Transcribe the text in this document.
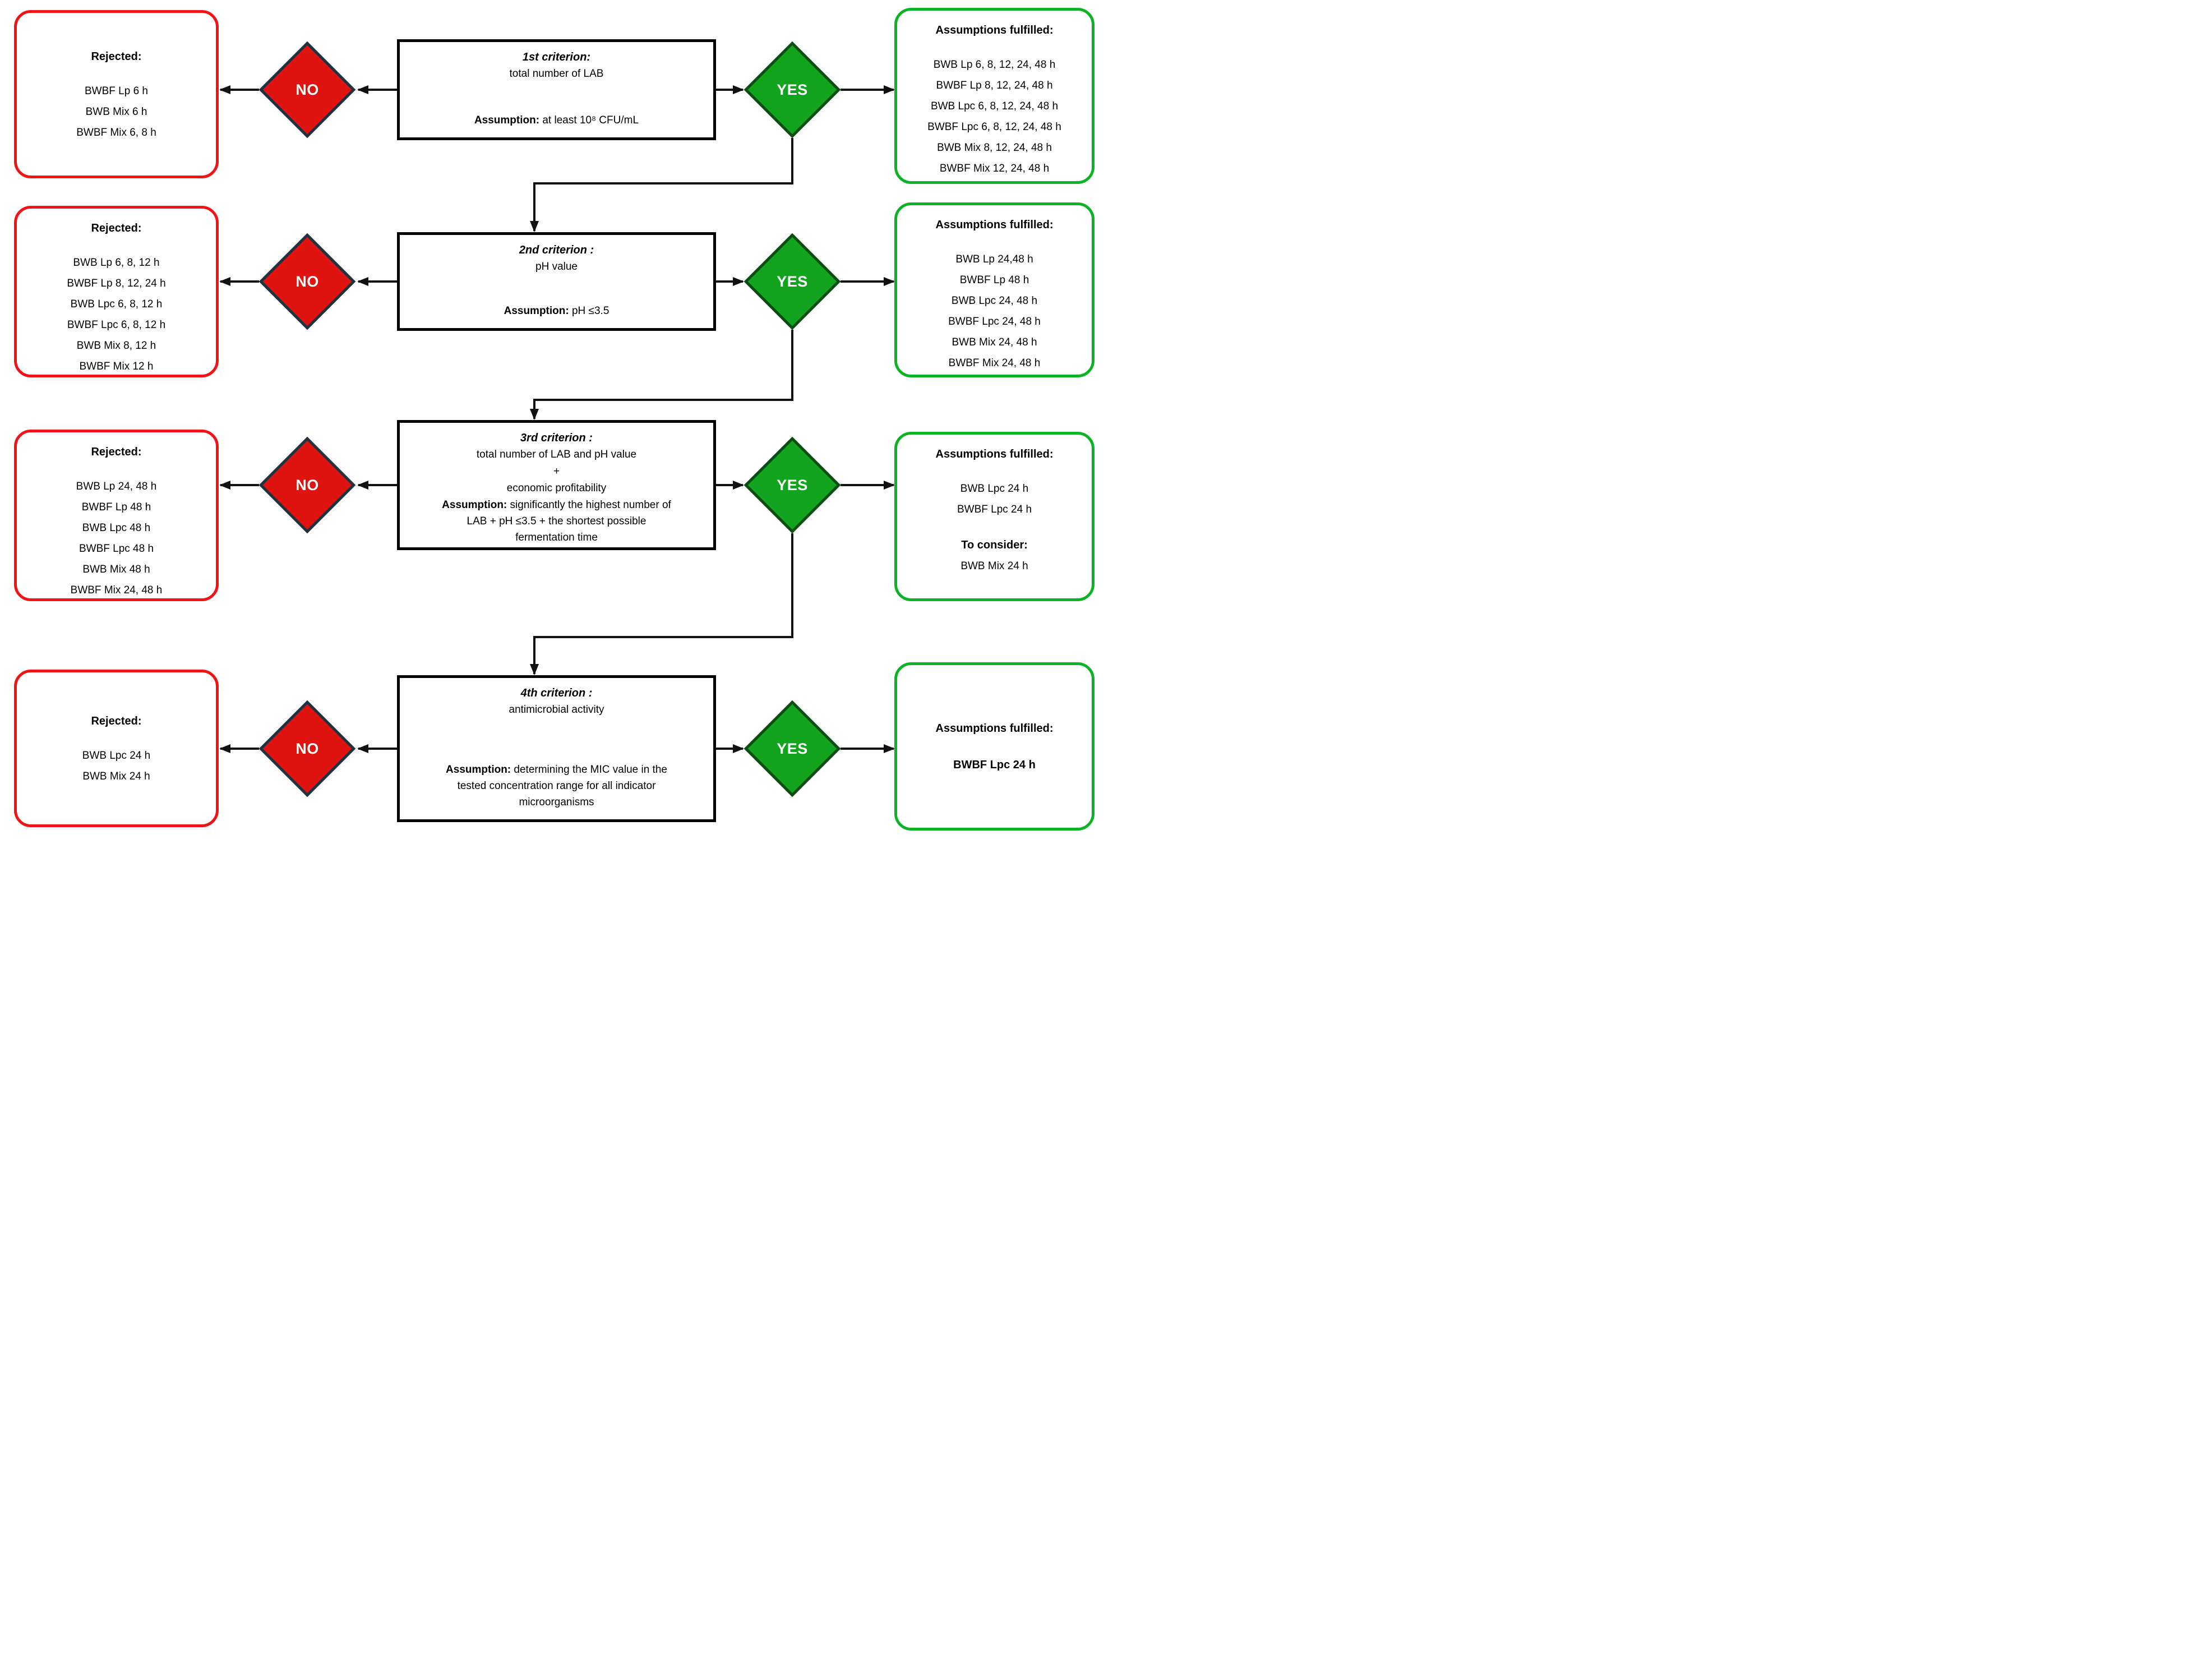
Rejected:
BWBF Lp 6 h
BWB Mix 6 h
BWBF Mix 6, 8 h
NO
1st criterion:
total number of LAB
Assumption: at least 10⁸ CFU/mL
YES
Assumptions fulfilled:
BWB Lp 6, 8, 12, 24, 48 h
BWBF Lp 8, 12, 24, 48 h
BWB Lpc 6, 8, 12, 24, 48 h
BWBF Lpc 6, 8, 12, 24, 48 h
BWB Mix 8, 12, 24, 48 h
BWBF Mix 12, 24, 48 h
Rejected:
BWB Lp 6, 8, 12 h
BWBF Lp 8, 12, 24 h
BWB Lpc 6, 8, 12 h
BWBF Lpc 6, 8, 12 h
BWB Mix 8, 12 h
BWBF Mix 12 h
NO
2nd criterion :
pH value
Assumption: pH ≤3.5
YES
Assumptions fulfilled:
BWB Lp 24,48 h
BWBF Lp 48 h
BWB Lpc 24, 48 h
BWBF Lpc 24, 48 h
BWB Mix 24, 48 h
BWBF Mix 24, 48 h
Rejected:
BWB Lp 24, 48 h
BWBF Lp 48 h
BWB Lpc 48 h
BWBF Lpc 48 h
BWB Mix 48 h
BWBF Mix 24, 48 h
NO
3rd criterion :
total number of LAB and pH value
+
economic profitability
Assumption: significantly the highest number of LAB + pH ≤3.5 + the shortest possible fermentation time
YES
Assumptions fulfilled:
BWB Lpc 24 h
BWBF Lpc 24 h
To consider:
BWB Mix 24 h
Rejected:
BWB Lpc 24 h
BWB Mix 24 h
NO
4th criterion :
antimicrobial activity
Assumption: determining the MIC value in the tested concentration range for all indicator microorganisms
YES
Assumptions fulfilled:
BWBF Lpc 24 h
